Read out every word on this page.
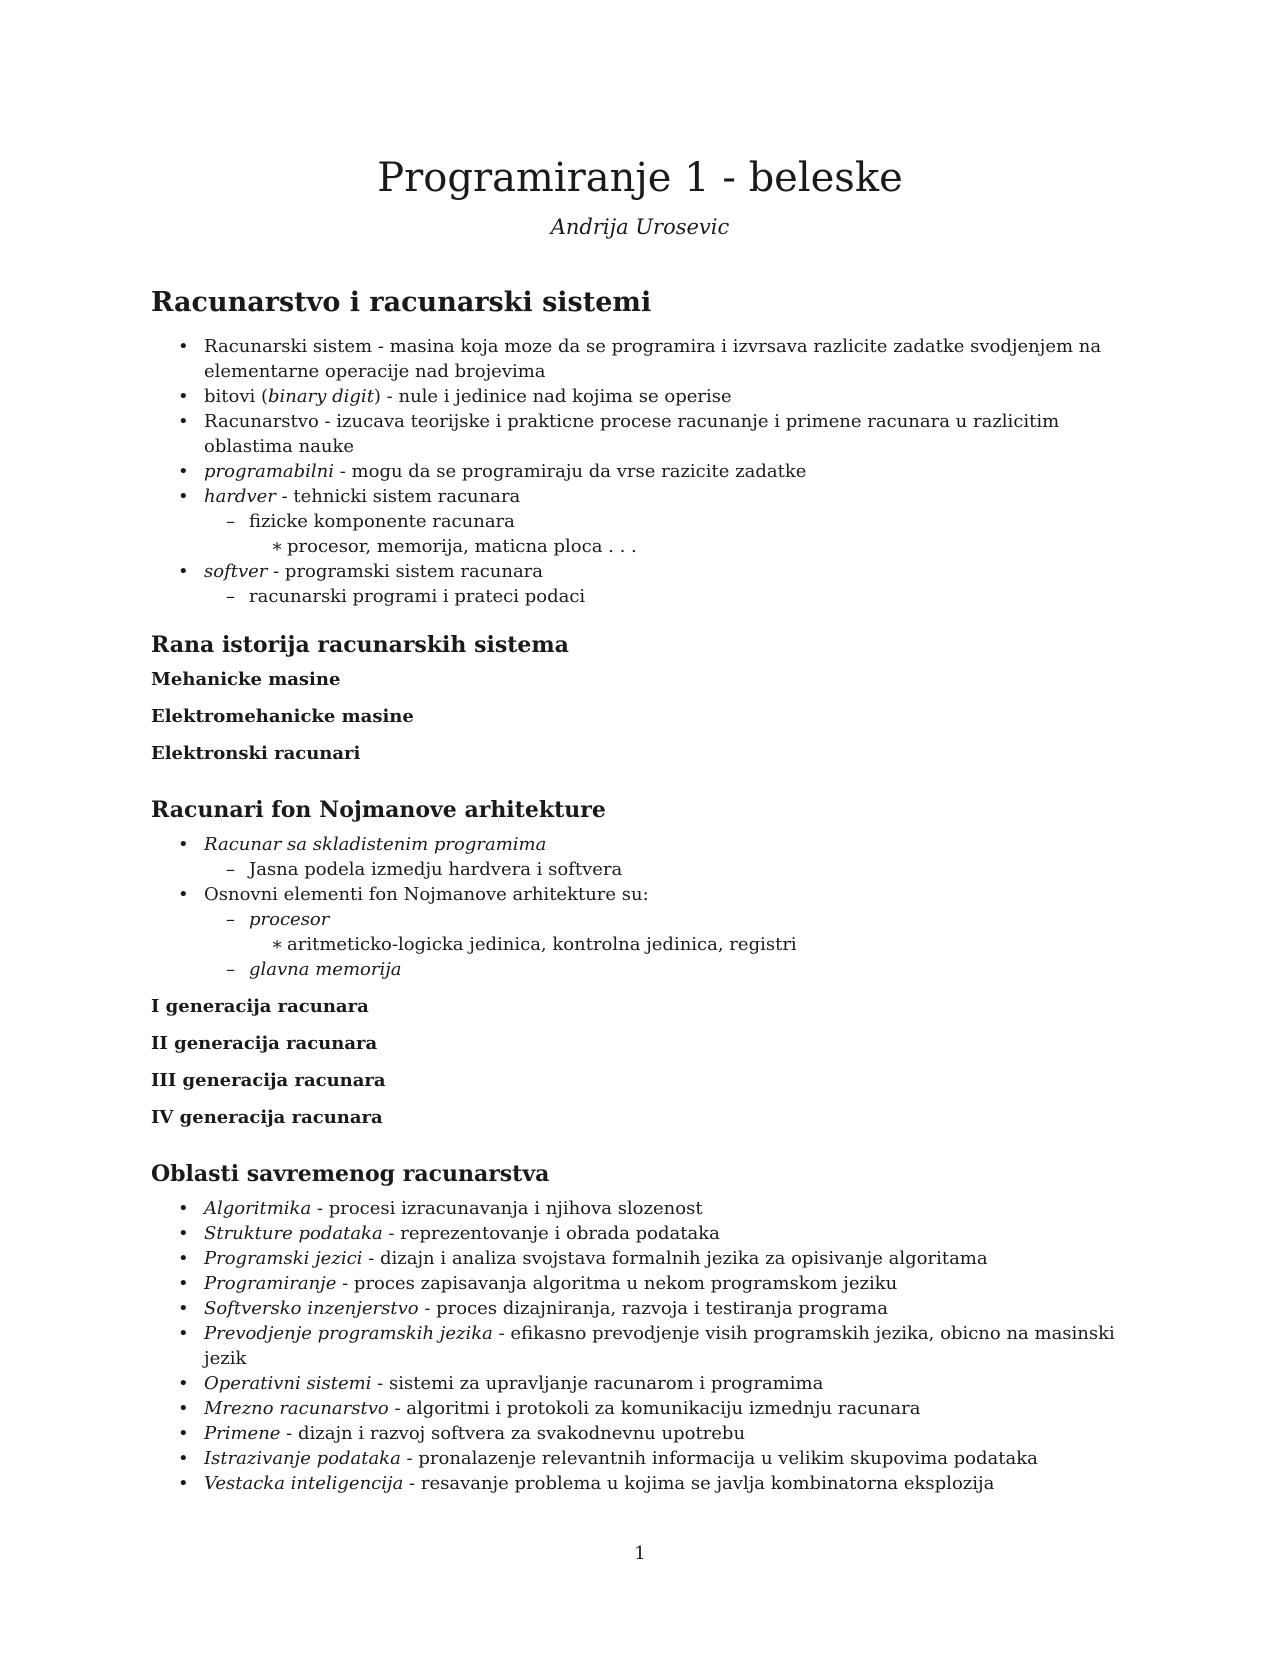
Programiranje 1 - beleske
Andrija Urosevic
Racunarstvo i racunarski sistemi
• Racunarski sistem - masina koja moze da se programira i izvrsava razlicite zadatke svodjenjem na elementarne operacije nad brojevima
• bitovi (binary digit) - nule i jedinice nad kojima se operise
• Racunarstvo - izucava teorijske i prakticne procese racunanje i primene racunara u razlicitim oblastima nauke
• programabilni - mogu da se programiraju da vrse razicite zadatke
• hardver - tehnicki sistem racunara
– fizicke komponente racunara
∗ procesor, memorija, maticna ploca . . .
• softver - programski sistem racunara
– racunarski programi i prateci podaci
Rana istorija racunarskih sistema
Mehanicke masine
Elektromehanicke masine
Elektronski racunari
Racunari fon Nojmanove arhitekture
• Racunar sa skladistenim programima
– Jasna podela izmedju hardvera i softvera
• Osnovni elementi fon Nojmanove arhitekture su:
– procesor
∗ aritmeticko-logicka jedinica, kontrolna jedinica, registri
– glavna memorija
I generacija racunara
II generacija racunara
III generacija racunara
IV generacija racunara
Oblasti savremenog racunarstva
• Algoritmika - procesi izracunavanja i njihova slozenost
• Strukture podataka - reprezentovanje i obrada podataka
• Programski jezici - dizajn i analiza svojstava formalnih jezika za opisivanje algoritama
• Programiranje - proces zapisavanja algoritma u nekom programskom jeziku
• Softversko inzenjerstvo - proces dizajniranja, razvoja i testiranja programa
• Prevodjenje programskih jezika - efikasno prevodjenje visih programskih jezika, obicno na masinski jezik
• Operativni sistemi - sistemi za upravljanje racunarom i programima
• Mrezno racunarstvo - algoritmi i protokoli za komunikaciju izmednju racunara
• Primene - dizajn i razvoj softvera za svakodnevnu upotrebu
• Istrazivanje podataka - pronalazenje relevantnih informacija u velikim skupovima podataka
• Vestacka inteligencija - resavanje problema u kojima se javlja kombinatorna eksplozija
1
